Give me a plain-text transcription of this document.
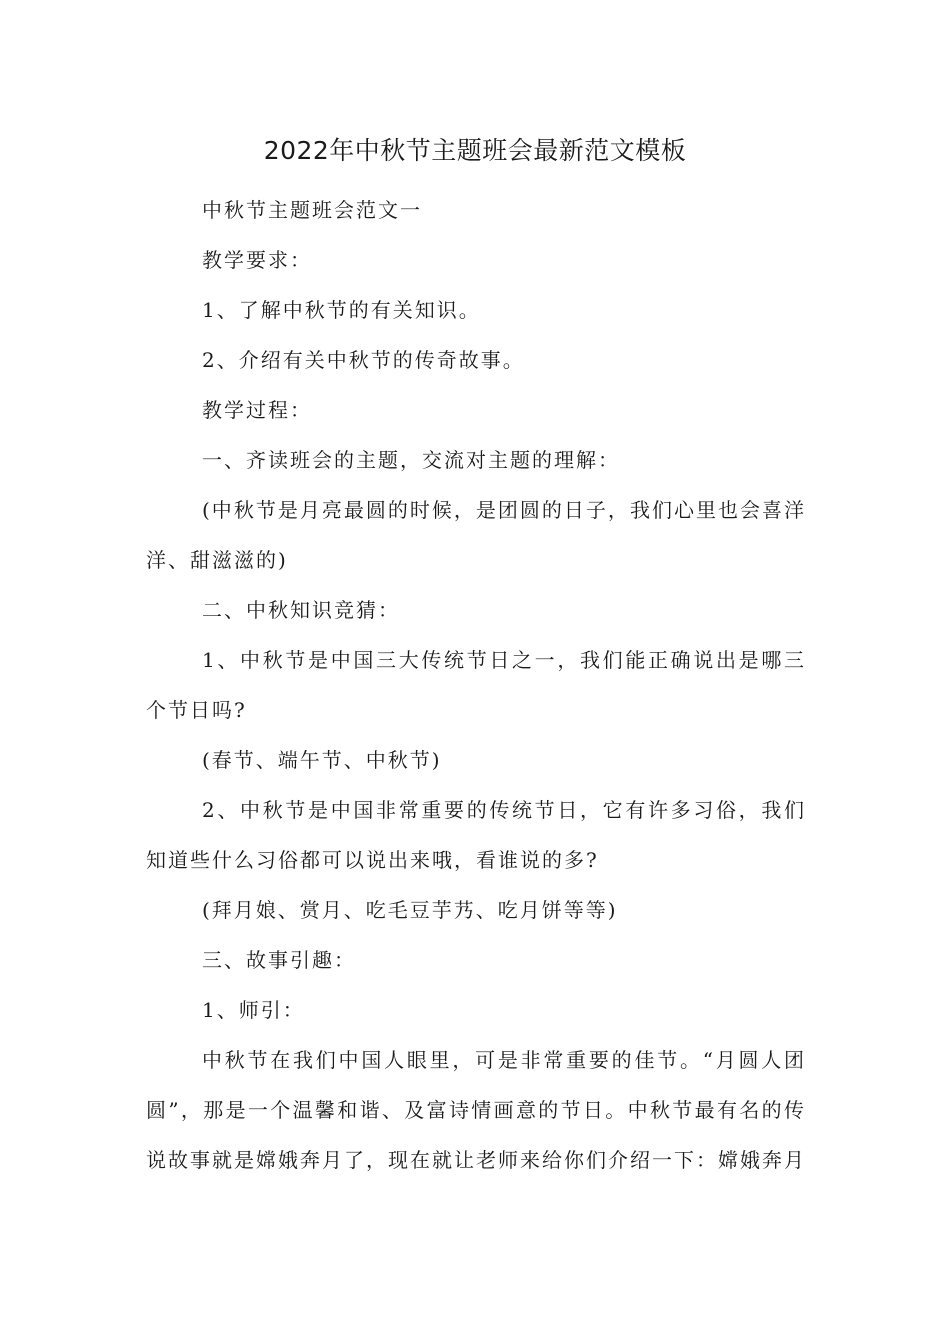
2022年中秋节主题班会最新范文模板

中秋节主题班会范文一

教学要求：

1、了解中秋节的有关知识。

2、介绍有关中秋节的传奇故事。

教学过程：

一、齐读班会的主题，交流对主题的理解：

(中秋节是月亮最圆的时候，是团圆的日子，我们心里也会喜洋洋、甜滋滋的)

二、中秋知识竞猜：

1、中秋节是中国三大传统节日之一，我们能正确说出是哪三个节日吗?

(春节、端午节、中秋节)

2、中秋节是中国非常重要的传统节日，它有许多习俗，我们知道些什么习俗都可以说出来哦，看谁说的多?

(拜月娘、赏月、吃毛豆芋艿、吃月饼等等)

三、故事引趣：

1、师引：

中秋节在我们中国人眼里，可是非常重要的佳节。“月圆人团圆”，那是一个温馨和谐、及富诗情画意的节日。中秋节最有名的传说故事就是嫦娥奔月了，现在就让老师来给你们介绍一下：嫦娥奔月
